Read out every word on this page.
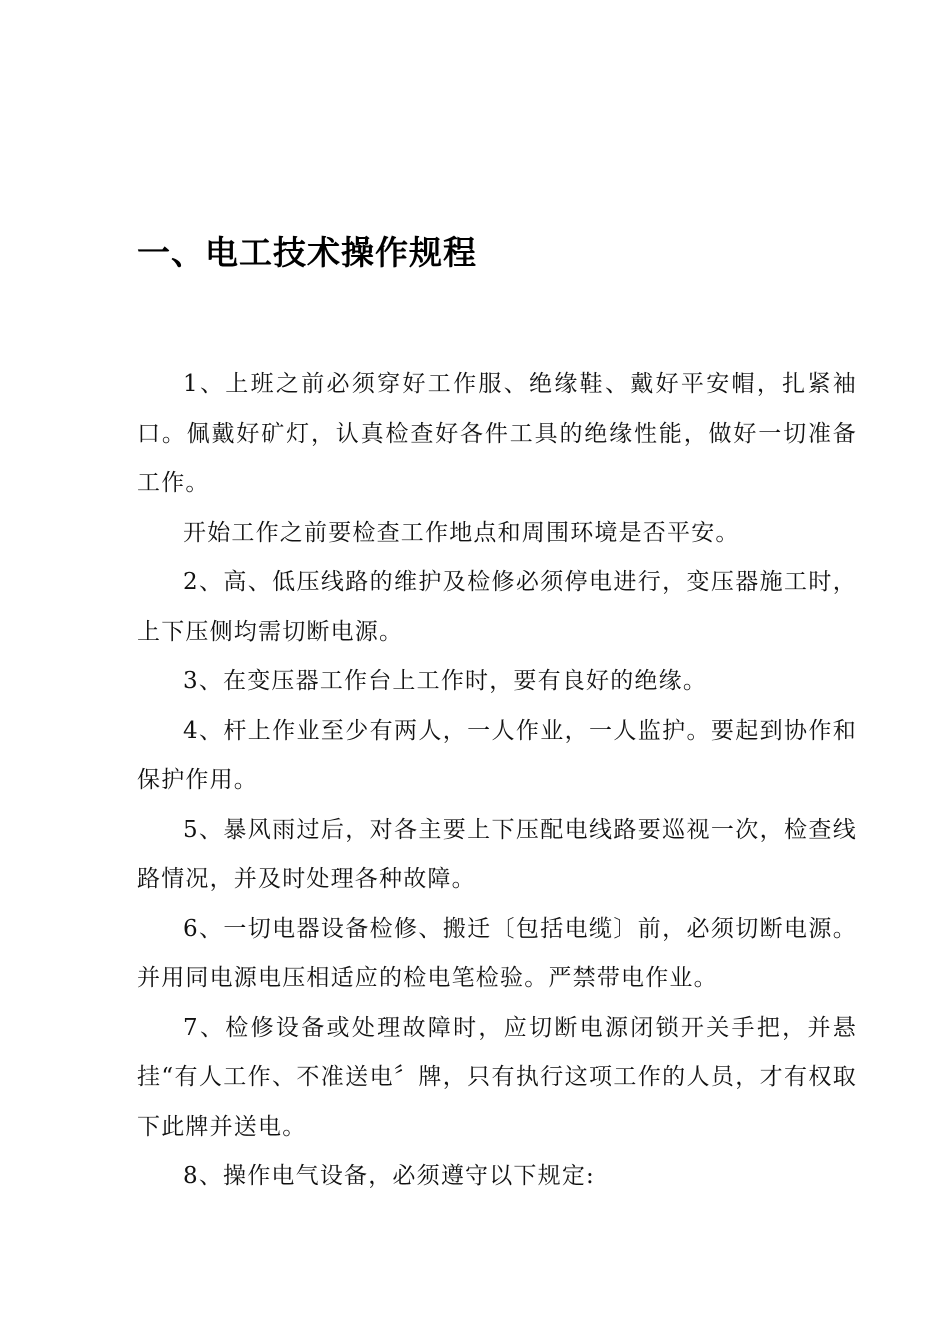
一、电工技术操作规程

1、上班之前必须穿好工作服、绝缘鞋、戴好平安帽，扎紧袖口。佩戴好矿灯，认真检查好各件工具的绝缘性能，做好一切准备工作。

开始工作之前要检查工作地点和周围环境是否平安。

2、高、低压线路的维护及检修必须停电进行，变压器施工时，上下压侧均需切断电源。

3、在变压器工作台上工作时，要有良好的绝缘。

4、杆上作业至少有两人，一人作业，一人监护。要起到协作和保护作用。

5、暴风雨过后，对各主要上下压配电线路要巡视一次，检查线路情况，并及时处理各种故障。

6、一切电器设备检修、搬迁〔包括电缆〕前，必须切断电源。并用同电源电压相适应的检电笔检验。严禁带电作业。

7、检修设备或处理故障时，应切断电源闭锁开关手把，并悬挂“有人工作、不准送电〞牌，只有执行这项工作的人员，才有权取下此牌并送电。

8、操作电气设备，必须遵守以下规定:
